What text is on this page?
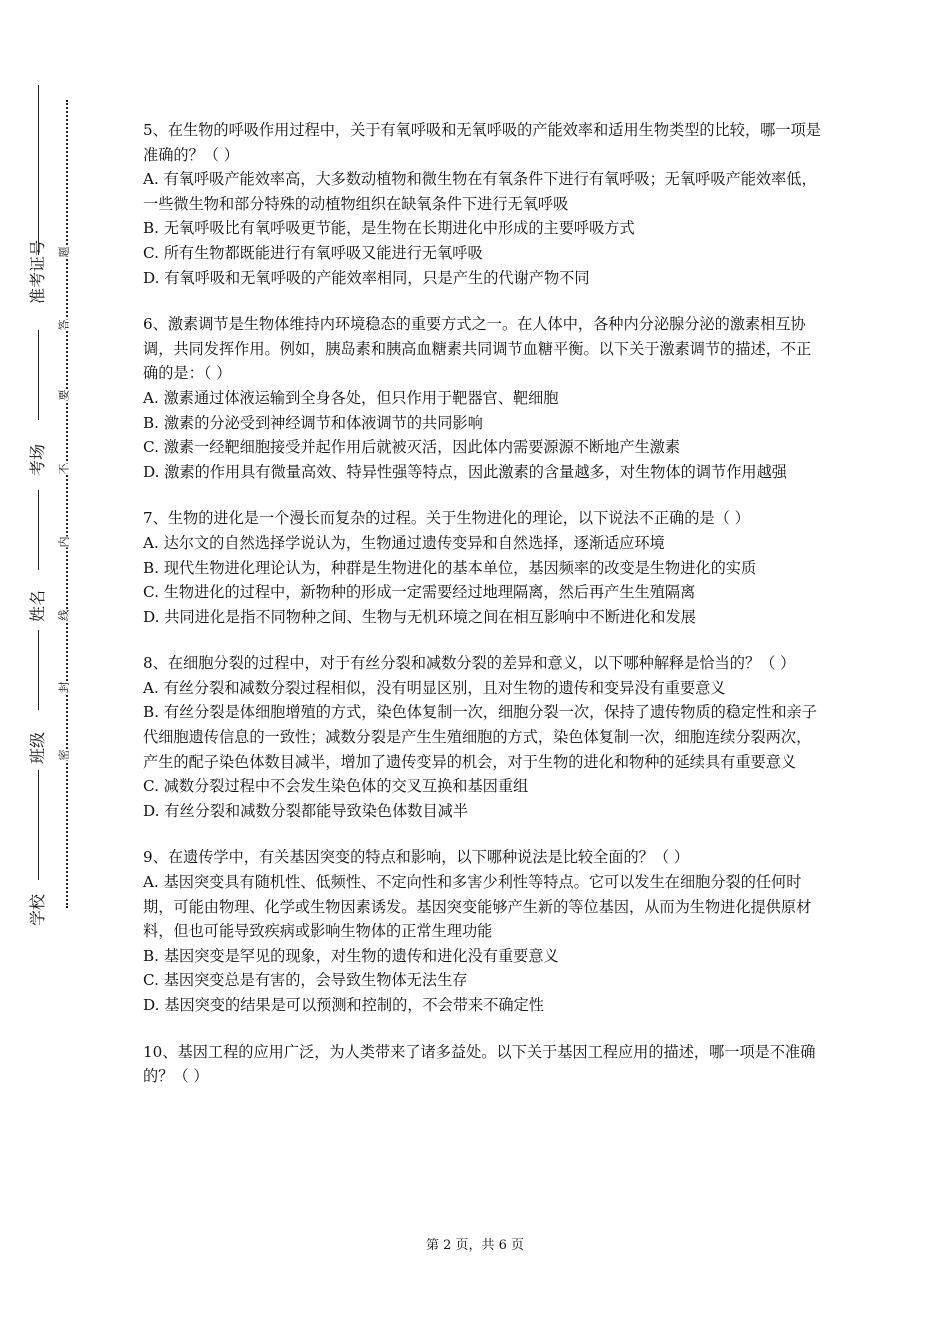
准考证号
考场
姓名
班级
学校
题
答
要
不
内
线
封
密

5、在生物的呼吸作用过程中，关于有氧呼吸和无氧呼吸的产能效率和适用生物类型的比较，哪一项是准确的？（ ）

A. 有氧呼吸产能效率高，大多数动植物和微生物在有氧条件下进行有氧呼吸；无氧呼吸产能效率低，一些微生物和部分特殊的动植物组织在缺氧条件下进行无氧呼吸

B. 无氧呼吸比有氧呼吸更节能，是生物在长期进化中形成的主要呼吸方式

C. 所有生物都既能进行有氧呼吸又能进行无氧呼吸

D. 有氧呼吸和无氧呼吸的产能效率相同，只是产生的代谢产物不同

6、激素调节是生物体维持内环境稳态的重要方式之一。在人体中，各种内分泌腺分泌的激素相互协调，共同发挥作用。例如，胰岛素和胰高血糖素共同调节血糖平衡。以下关于激素调节的描述，不正确的是：（ ）

A. 激素通过体液运输到全身各处，但只作用于靶器官、靶细胞

B. 激素的分泌受到神经调节和体液调节的共同影响

C. 激素一经靶细胞接受并起作用后就被灭活，因此体内需要源源不断地产生激素

D. 激素的作用具有微量高效、特异性强等特点，因此激素的含量越多，对生物体的调节作用越强

7、生物的进化是一个漫长而复杂的过程。关于生物进化的理论，以下说法不正确的是（ ）

A. 达尔文的自然选择学说认为，生物通过遗传变异和自然选择，逐渐适应环境

B. 现代生物进化理论认为，种群是生物进化的基本单位，基因频率的改变是生物进化的实质

C. 生物进化的过程中，新物种的形成一定需要经过地理隔离，然后再产生生殖隔离

D. 共同进化是指不同物种之间、生物与无机环境之间在相互影响中不断进化和发展

8、在细胞分裂的过程中，对于有丝分裂和减数分裂的差异和意义，以下哪种解释是恰当的？（ ）

A. 有丝分裂和减数分裂过程相似，没有明显区别，且对生物的遗传和变异没有重要意义

B. 有丝分裂是体细胞增殖的方式，染色体复制一次，细胞分裂一次，保持了遗传物质的稳定性和亲子代细胞遗传信息的一致性；减数分裂是产生生殖细胞的方式，染色体复制一次，细胞连续分裂两次，产生的配子染色体数目减半，增加了遗传变异的机会，对于生物的进化和物种的延续具有重要意义

C. 减数分裂过程中不会发生染色体的交叉互换和基因重组

D. 有丝分裂和减数分裂都能导致染色体数目减半

9、在遗传学中，有关基因突变的特点和影响，以下哪种说法是比较全面的？（ ）

A. 基因突变具有随机性、低频性、不定向性和多害少利性等特点。它可以发生在细胞分裂的任何时期，可能由物理、化学或生物因素诱发。基因突变能够产生新的等位基因，从而为生物进化提供原材料，但也可能导致疾病或影响生物体的正常生理功能

B. 基因突变是罕见的现象，对生物的遗传和进化没有重要意义

C. 基因突变总是有害的，会导致生物体无法生存

D. 基因突变的结果是可以预测和控制的，不会带来不确定性

10、基因工程的应用广泛，为人类带来了诸多益处。以下关于基因工程应用的描述，哪一项是不准确的？（ ）

第 2 页，共 6 页
